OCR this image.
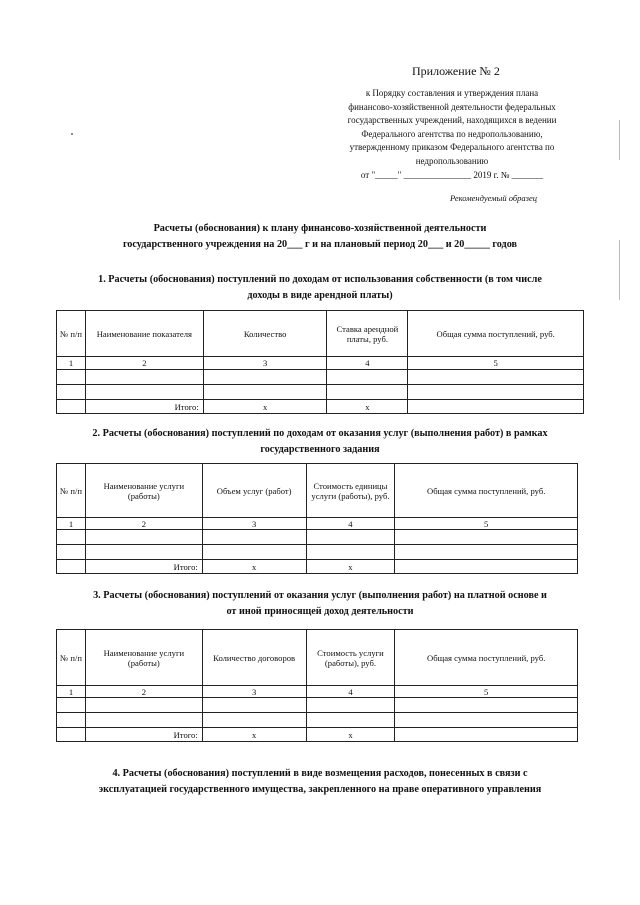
Приложение № 2
к Порядку составления и утверждения плана
финансово-хозяйственной деятельности федеральных
государственных учреждений, находящихся в ведении
Федерального агентства по недропользованию,
утвержденному приказом Федерального агентства по
недропользованию
от "_____" _______________ 2019 г. № _______
Рекомендуемый образец
Расчеты (обоснования) к плану финансово-хозяйственной деятельности
государственного учреждения на 20___ г и на плановый период 20___ и 20_____ годов
1. Расчеты (обоснования) поступлений по доходам от использования собственности (в том числе
доходы в виде арендной платы)
№ п/п	Наименование показателя	Количество	Ставка арендной платы, руб.	Общая сумма поступлений, руб.
1	2	3	4	5

	Итого:	x	x	
2. Расчеты (обоснования) поступлений по доходам от оказания услуг (выполнения работ) в рамках
государственного задания
№ п/п	Наименование услуги (работы)	Объем услуг (работ)	Стоимость единицы услуги (работы), руб.	Общая сумма поступлений, руб.
1	2	3	4	5

	Итого:	x	x	
3. Расчеты (обоснования) поступлений от оказания услуг (выполнения работ) на платной основе и
от иной приносящей доход деятельности
№ п/п	Наименование услуги (работы)	Количество договоров	Стоимость услуги (работы), руб.	Общая сумма поступлений, руб.
1	2	3	4	5

	Итого:	x	x	
4. Расчеты (обоснования) поступлений в виде возмещения расходов, понесенных в связи с
эксплуатацией государственного имущества, закрепленного на праве оперативного управления
